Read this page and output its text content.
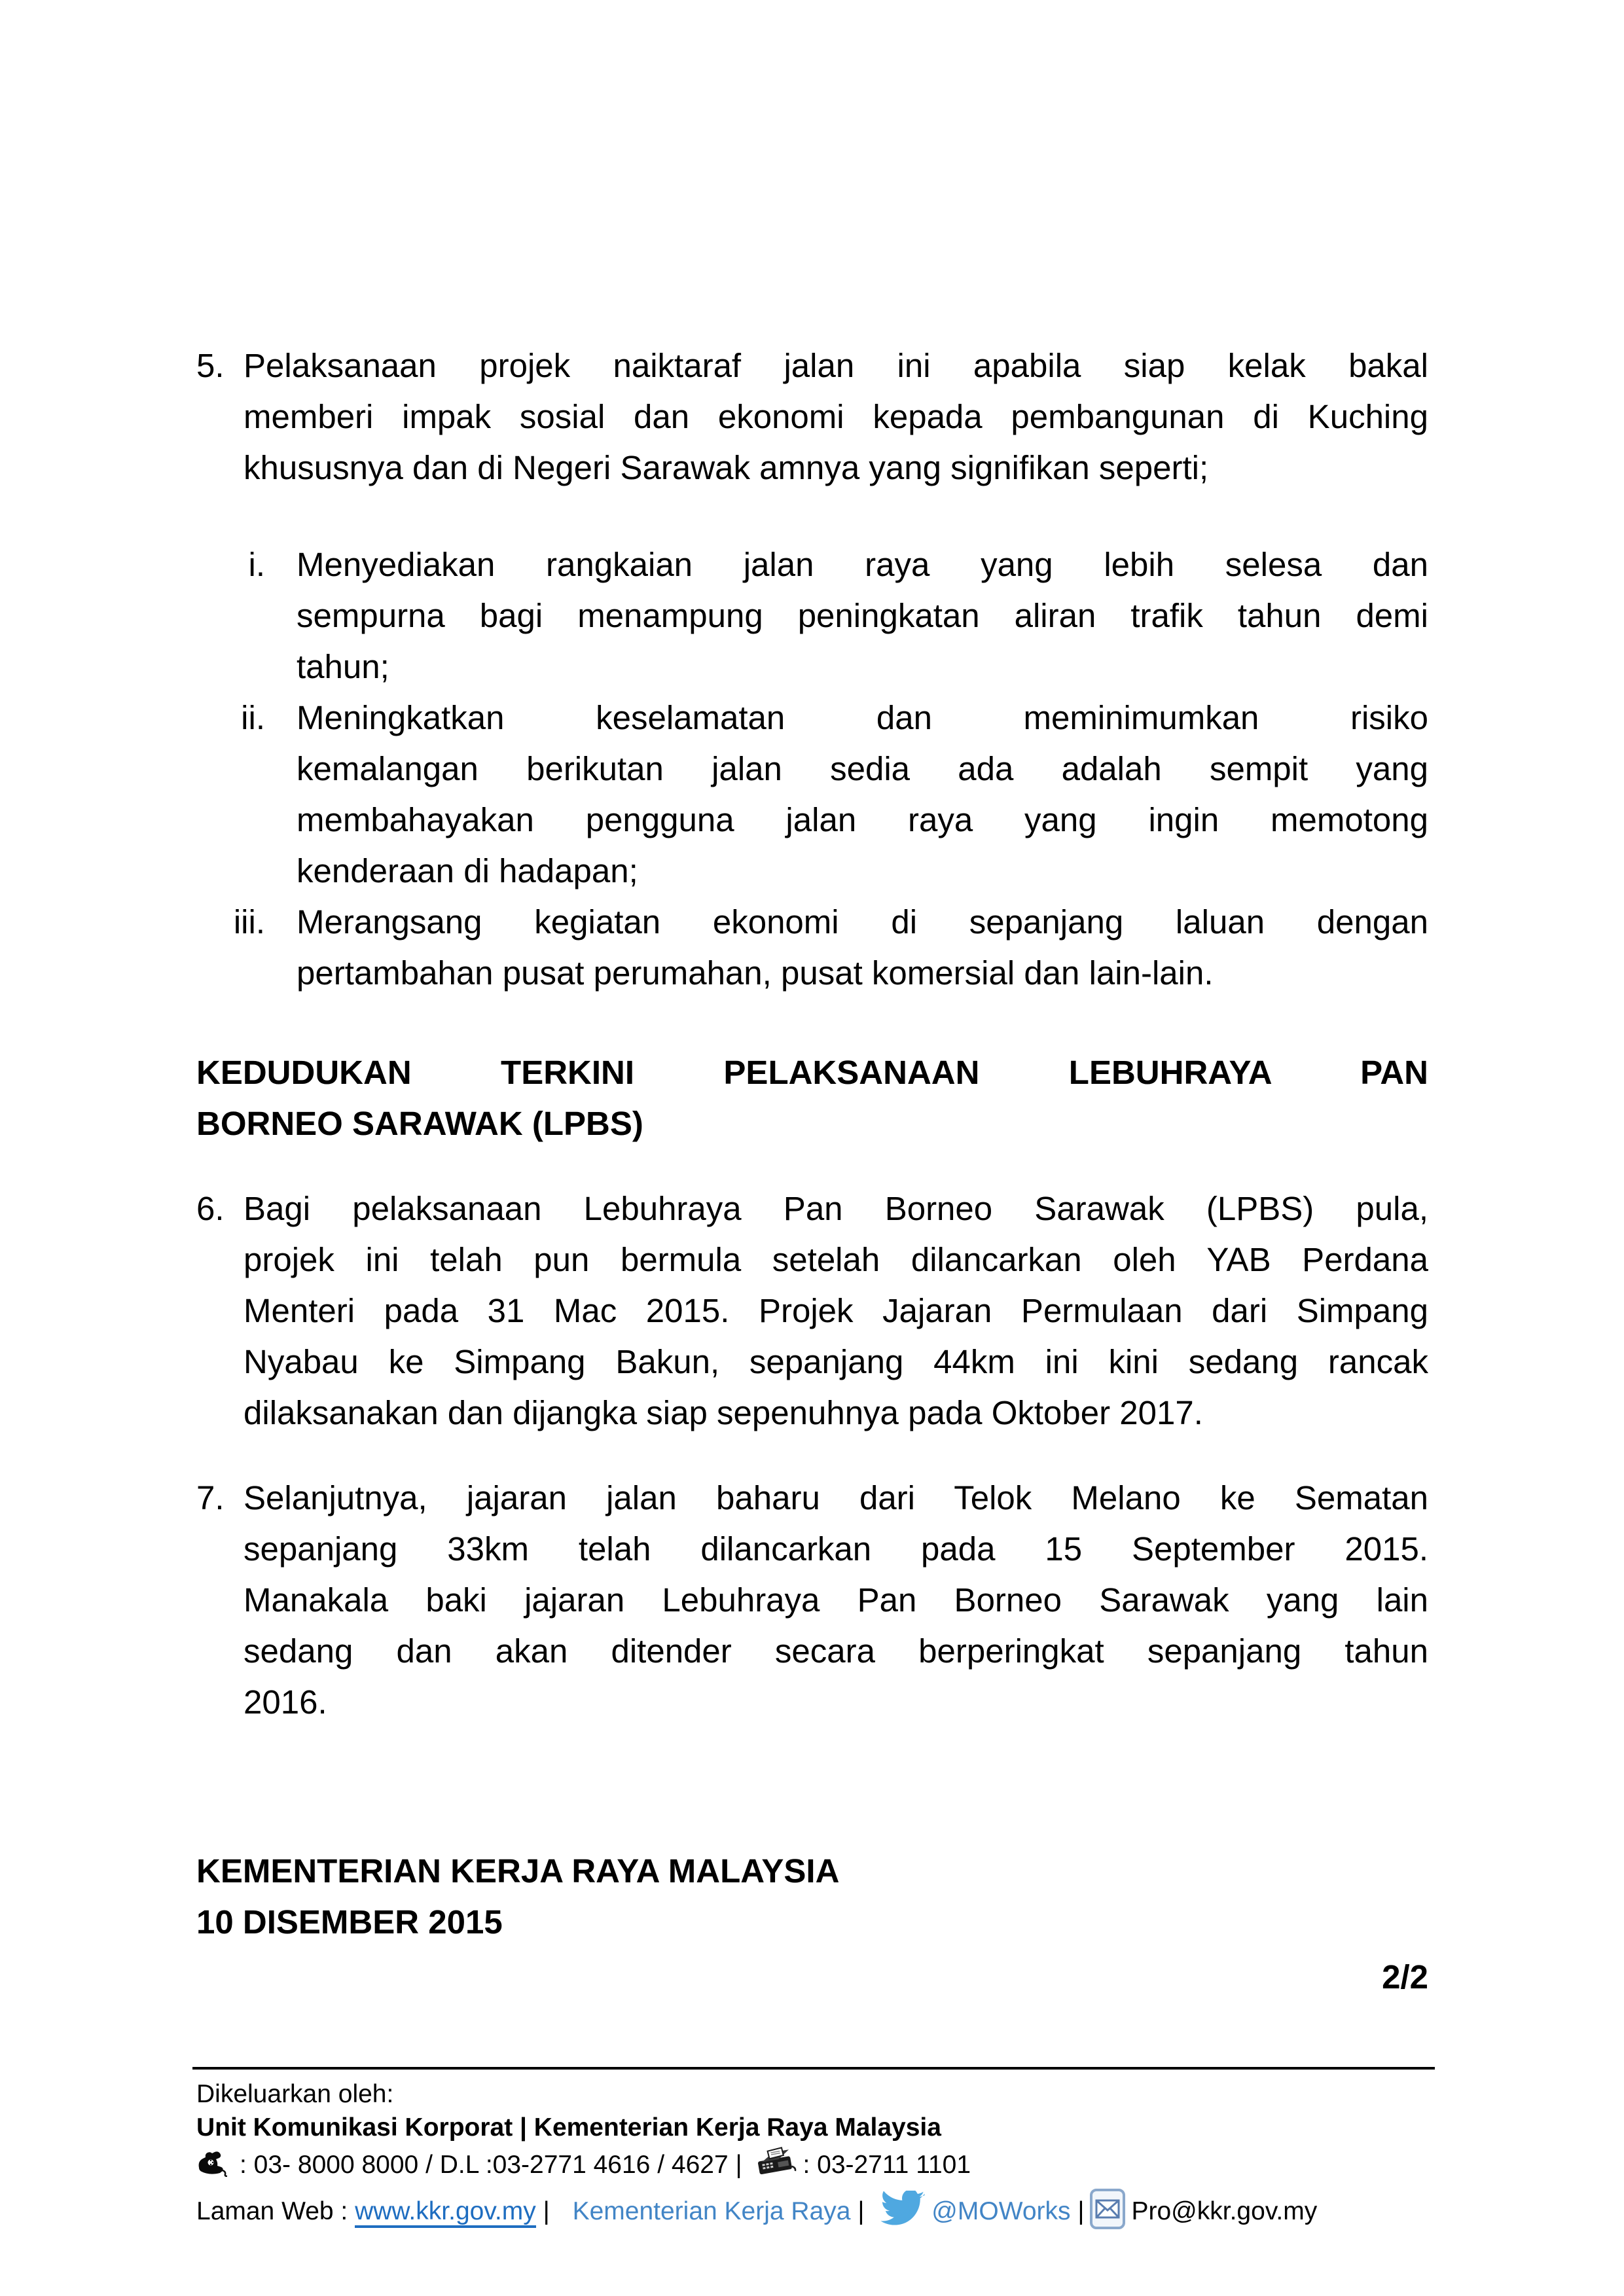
5. Pelaksanaan projek naiktaraf jalan ini apabila siap kelak bakal
memberi impak sosial dan ekonomi kepada pembangunan di Kuching
khususnya dan di Negeri Sarawak amnya yang signifikan seperti;
i. Menyediakan rangkaian jalan raya yang lebih selesa dan
sempurna bagi menampung peningkatan aliran trafik tahun demi
tahun;
ii. Meningkatkan keselamatan dan meminimumkan risiko
kemalangan berikutan jalan sedia ada adalah sempit yang
membahayakan pengguna jalan raya yang ingin memotong
kenderaan di hadapan;
iii. Merangsang kegiatan ekonomi di sepanjang laluan dengan
pertambahan pusat perumahan, pusat komersial dan lain-lain.
KEDUDUKAN TERKINI PELAKSANAAN LEBUHRAYA PAN
BORNEO SARAWAK (LPBS)
6. Bagi pelaksanaan Lebuhraya Pan Borneo Sarawak (LPBS) pula,
projek ini telah pun bermula setelah dilancarkan oleh YAB Perdana
Menteri pada 31 Mac 2015. Projek Jajaran Permulaan dari Simpang
Nyabau ke Simpang Bakun, sepanjang 44km ini kini sedang rancak
dilaksanakan dan dijangka siap sepenuhnya pada Oktober 2017.
7. Selanjutnya, jajaran jalan baharu dari Telok Melano ke Sematan
sepanjang 33km telah dilancarkan pada 15 September 2015.
Manakala baki jajaran Lebuhraya Pan Borneo Sarawak yang lain
sedang dan akan ditender secara berperingkat sepanjang tahun
2016.
KEMENTERIAN KERJA RAYA MALAYSIA
10 DISEMBER 2015
2/2
Dikeluarkan oleh:
Unit Komunikasi Korporat | Kementerian Kerja Raya Malaysia
: 03- 8000 8000 / D.L :03-2771 4616 / 4627 | : 03-2711 1101
Laman Web : www.kkr.gov.my | Kementerian Kerja Raya |	@MOWorks | Pro@kkr.gov.my
